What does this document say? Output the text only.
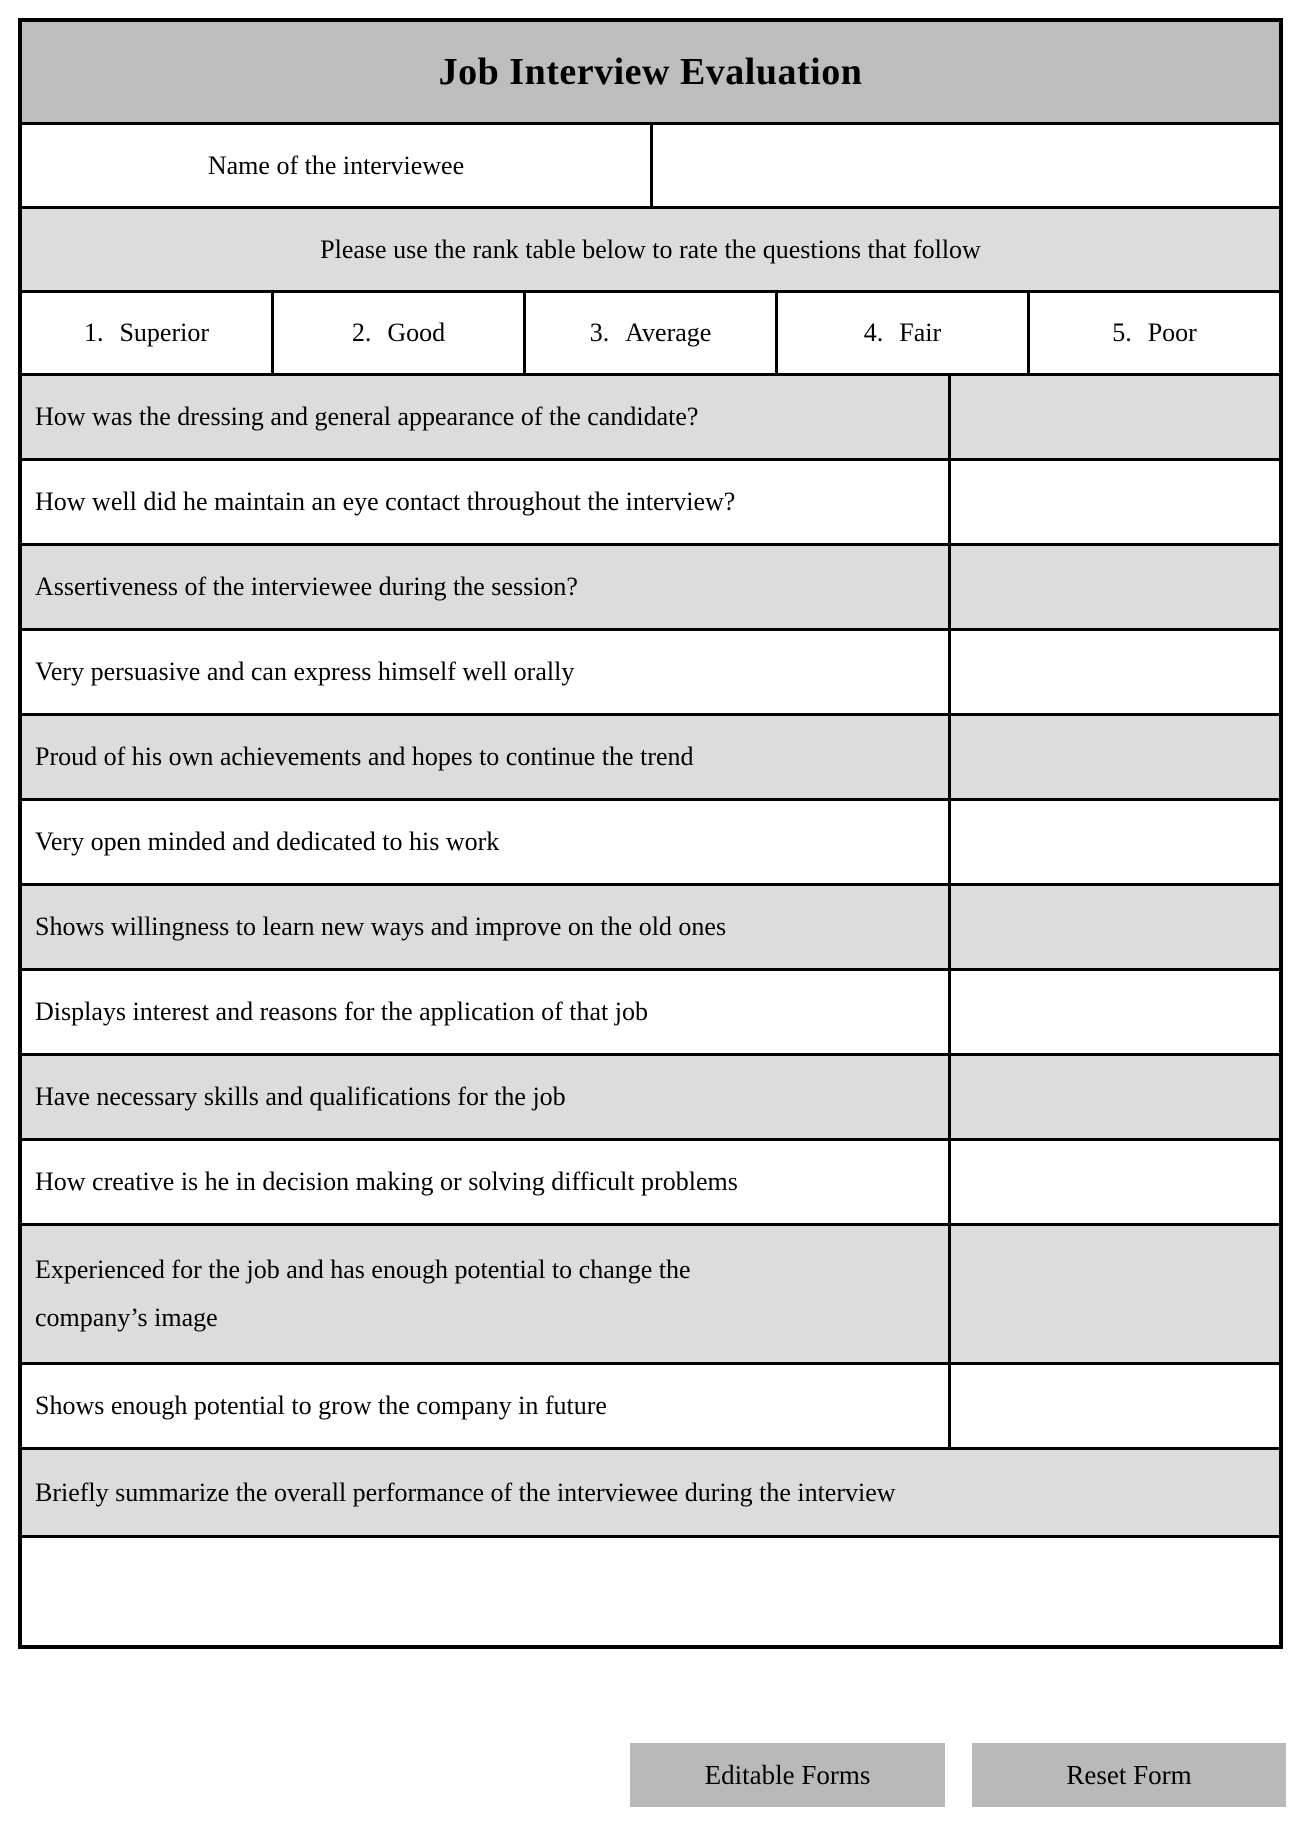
Job Interview Evaluation
Name of the interviewee
Please use the rank table below to rate the questions that follow
1. Superior	2. Good	3. Average	4. Fair	5. Poor
How was the dressing and general appearance of the candidate?
How well did he maintain an eye contact throughout the interview?
Assertiveness of the interviewee during the session?
Very persuasive and can express himself well orally
Proud of his own achievements and hopes to continue the trend
Very open minded and dedicated to his work
Shows willingness to learn new ways and improve on the old ones
Displays interest and reasons for the application of that job
Have necessary skills and qualifications for the job
How creative is he in decision making or solving difficult problems
Experienced for the job and has enough potential to change the company’s image
Shows enough potential to grow the company in future
Briefly summarize the overall performance of the interviewee during the interview
Editable Forms	Reset Form
